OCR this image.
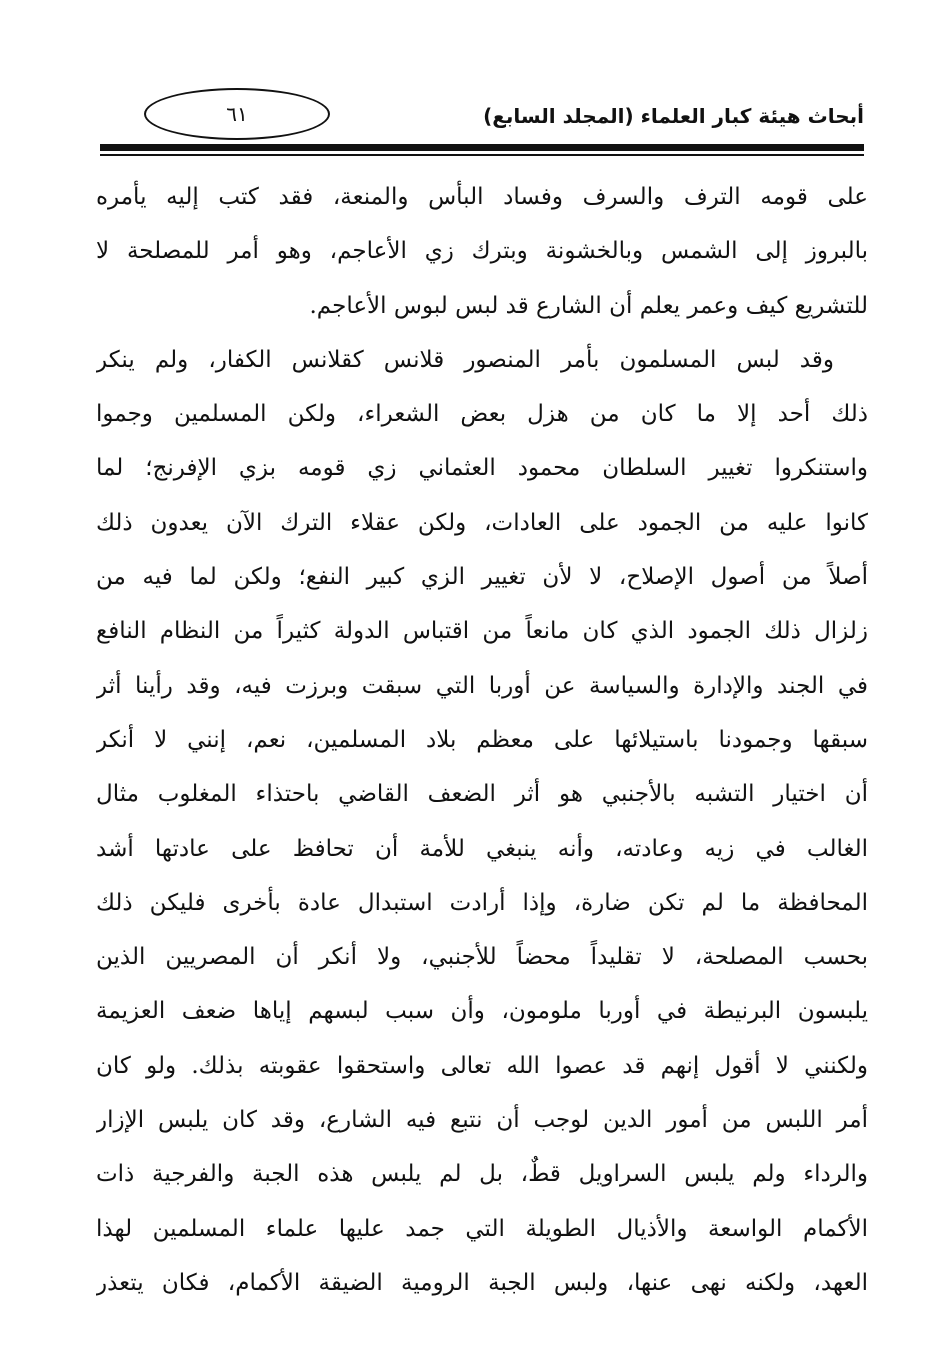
أبحاث هيئة كبار العلماء (المجلد السابع)
٦١
على قومه الترف والسرف وفساد البأس والمنعة، فقد كتب إليه يأمره
بالبروز إلى الشمس وبالخشونة وبترك زي الأعاجم، وهو أمر للمصلحة لا
للتشريع كيف وعمر يعلم أن الشارع قد لبس لبوس الأعاجم.
وقد لبس المسلمون بأمر المنصور قلانس كقلانس الكفار، ولم ينكر
ذلك أحد إلا ما كان من هزل بعض الشعراء، ولكن المسلمين وجموا
واستنكروا تغيير السلطان محمود العثماني زي قومه بزي الإفرنج؛ لما
كانوا عليه من الجمود على العادات، ولكن عقلاء الترك الآن يعدون ذلك
أصلاً من أصول الإصلاح، لا لأن تغيير الزي كبير النفع؛ ولكن لما فيه من
زلزال ذلك الجمود الذي كان مانعاً من اقتباس الدولة كثيراً من النظام النافع
في الجند والإدارة والسياسة عن أوربا التي سبقت وبرزت فيه، وقد رأينا أثر
سبقها وجمودنا باستيلائها على معظم بلاد المسلمين، نعم، إنني لا أنكر
أن اختيار التشبه بالأجنبي هو أثر الضعف القاضي باحتذاء المغلوب مثال
الغالب في زيه وعادته، وأنه ينبغي للأمة أن تحافظ على عادتها أشد
المحافظة ما لم تكن ضارة، وإذا أرادت استبدال عادة بأخرى فليكن ذلك
بحسب المصلحة، لا تقليداً محضاً للأجنبي، ولا أنكر أن المصريين الذين
يلبسون البرنيطة في أوربا ملومون، وأن سبب لبسهم إياها ضعف العزيمة
ولكنني لا أقول إنهم قد عصوا الله تعالى واستحقوا عقوبته بذلك. ولو كان
أمر اللبس من أمور الدين لوجب أن نتبع فيه الشارع، وقد كان يلبس الإزار
والرداء ولم يلبس السراويل قطٌ، بل لم يلبس هذه الجبة والفرجية ذات
الأكمام الواسعة والأذيال الطويلة التي جمد عليها علماء المسلمين لهذا
العهد، ولكنه نهى عنها، ولبس الجبة الرومية الضيقة الأكمام، فكان يتعذر
